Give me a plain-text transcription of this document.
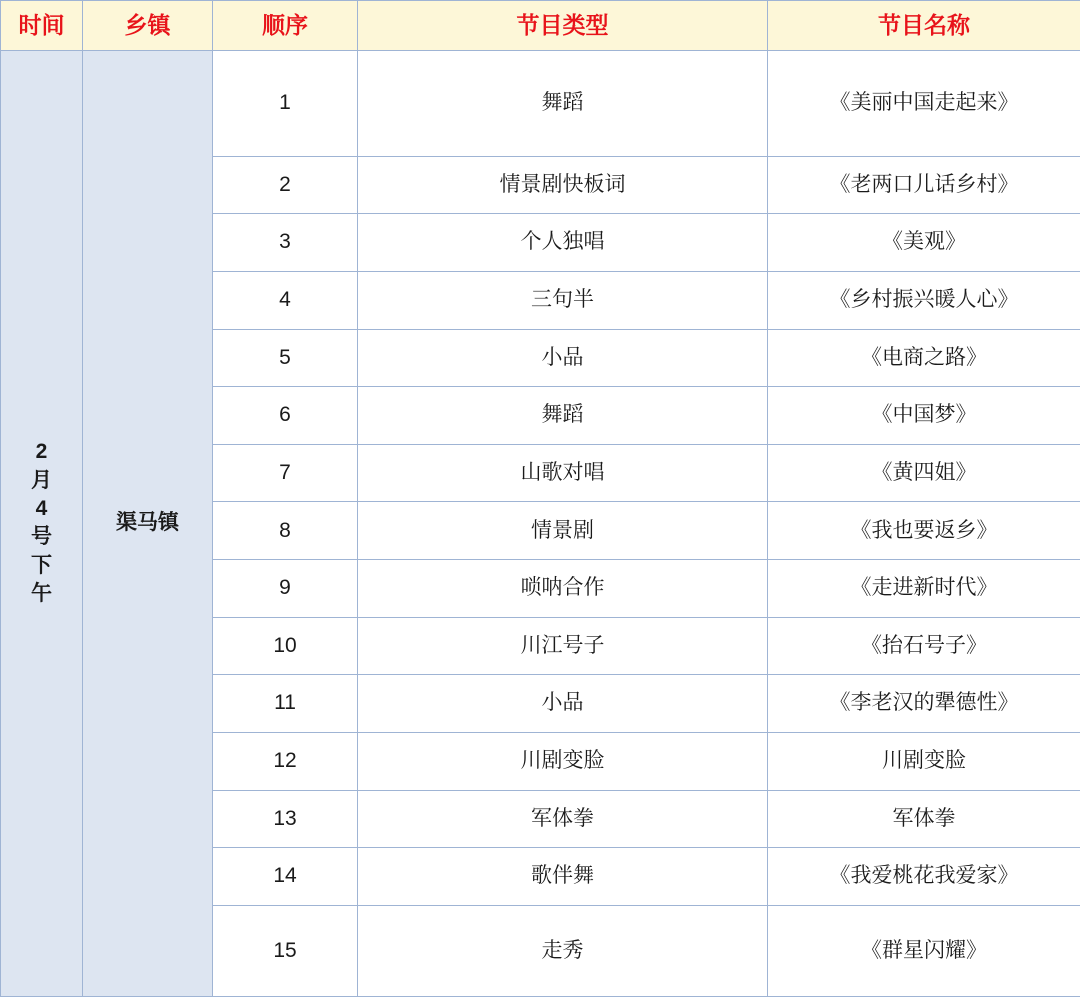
时间	乡镇	顺序	节目类型	节目名称

2月4号下午	渠马镇	1	舞蹈	《美丽中国走起来》
		2	情景剧快板词	《老两口儿话乡村》
		3	个人独唱	《美观》
		4	三句半	《乡村振兴暖人心》
		5	小品	《电商之路》
		6	舞蹈	《中国梦》
		7	山歌对唱	《黄四姐》
		8	情景剧	《我也要返乡》
		9	唢呐合作	《走进新时代》
		10	川江号子	《抬石号子》
		11	小品	《李老汉的犟德性》
		12	川剧变脸	川剧变脸
		13	军体拳	军体拳
		14	歌伴舞	《我爱桃花我爱家》
		15	走秀	《群星闪耀》
